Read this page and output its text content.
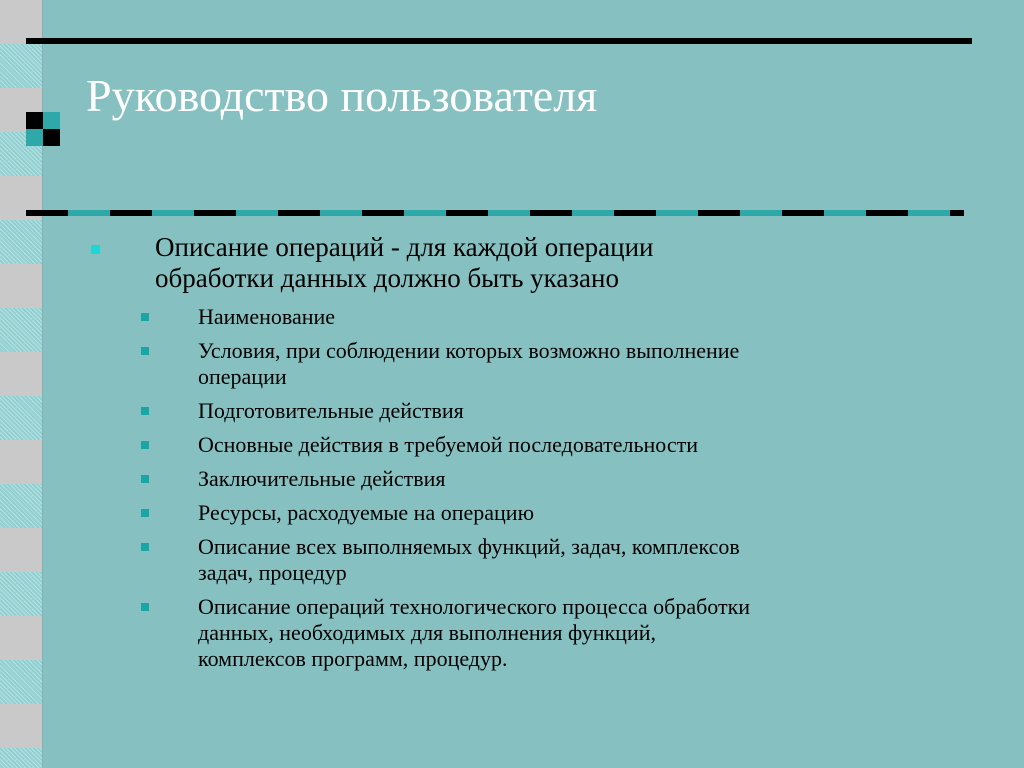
Руководство пользователя
Описание операций - для каждой операции
обработки данных должно быть указано
Наименование
Условия, при соблюдении которых возможно выполнение
операции
Подготовительные действия
Основные действия в требуемой последовательности
Заключительные действия
Ресурсы, расходуемые на операцию
Описание всех выполняемых функций, задач, комплексов
задач, процедур
Описание операций технологического процесса обработки
данных, необходимых для выполнения функций,
комплексов программ, процедур.
